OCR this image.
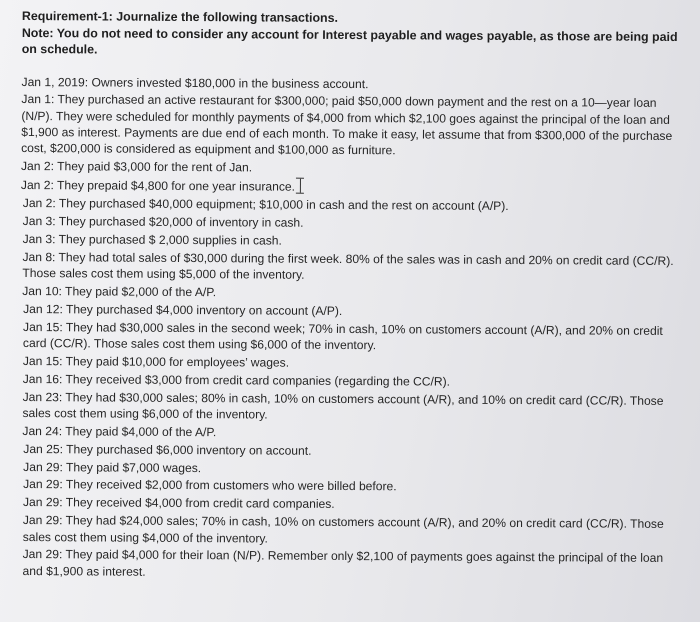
Requirement-1: Journalize the following transactions.

Note: You do not need to consider any account for Interest payable and wages payable, as those are being paid on schedule.

Jan 1, 2019: Owners invested $180,000 in the business account.
Jan 1: They purchased an active restaurant for $300,000; paid $50,000 down payment and the rest on a 10—year loan (N/P). They were scheduled for monthly payments of $4,000 from which $2,100 goes against the principal of the loan and $1,900 as interest. Payments are due end of each month. To make it easy, let assume that from $300,000 of the purchase cost, $200,000 is considered as equipment and $100,000 as furniture.
Jan 2: They paid $3,000 for the rent of Jan.
Jan 2: They prepaid $4,800 for one year insurance.
Jan 2: They purchased $40,000 equipment; $10,000 in cash and the rest on account (A/P).
Jan 3: They purchased $20,000 of inventory in cash.
Jan 3: They purchased $ 2,000 supplies in cash.
Jan 8: They had total sales of $30,000 during the first week. 80% of the sales was in cash and 20% on credit card (CC/R). Those sales cost them using $5,000 of the inventory.
Jan 10: They paid $2,000 of the A/P.
Jan 12: They purchased $4,000 inventory on account (A/P).
Jan 15: They had $30,000 sales in the second week; 70% in cash, 10% on customers account (A/R), and 20% on credit card (CC/R). Those sales cost them using $6,000 of the inventory.
Jan 15: They paid $10,000 for employees’ wages.
Jan 16: They received $3,000 from credit card companies (regarding the CC/R).
Jan 23: They had $30,000 sales; 80% in cash, 10% on customers account (A/R), and 10% on credit card (CC/R). Those sales cost them using $6,000 of the inventory.
Jan 24: They paid $4,000 of the A/P.
Jan 25: They purchased $6,000 inventory on account.
Jan 29: They paid $7,000 wages.
Jan 29: They received $2,000 from customers who were billed before.
Jan 29: They received $4,000 from credit card companies.
Jan 29: They had $24,000 sales; 70% in cash, 10% on customers account (A/R), and 20% on credit card (CC/R). Those sales cost them using $4,000 of the inventory.
Jan 29: They paid $4,000 for their loan (N/P). Remember only $2,100 of payments goes against the principal of the loan and $1,900 as interest.
